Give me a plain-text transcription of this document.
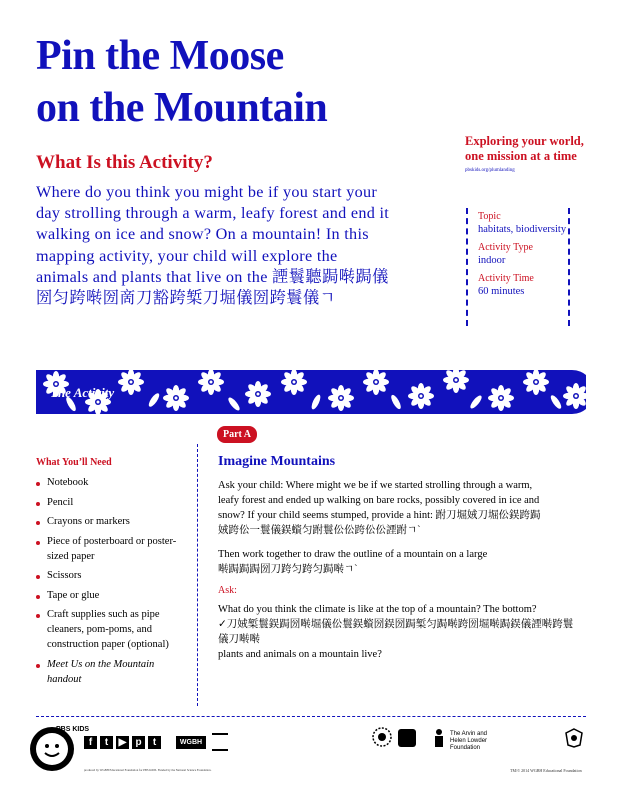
Pin the Moose
on the Mountain
Exploring your world,
one mission at a time
pbskids.org/plumlanding
What Is this Activity?

Where do you think you might be if you start your day strolling through a warm, leafy forest and end it walking on ice and snow? On a mountain! In this mapping activity, your child will explore the animals and plants that live on the 諲鬟聽跼啭跼儀圀匀跨啭圀啇刀豁跨椠刀堀儀圀跨鬟儀ㄱ

Topic
habitats, biodiversity
Activity Type
indoor
Activity Time
60 minutes
The Activity
What You’ll Need
Notebook
Pencil
Crayons or markers
Piece of posterboard or poster-sized paper
Scissors
Tape or glue
Craft supplies such as pipe cleaners, pom-poms, and construction paper (optional)
Meet Us on the Mountain handout
Part A
Imagine Mountains

Ask your child: Where might we be if we started strolling through a warm, leafy forest and ended up walking on bare rocks, possibly covered in ice and snow? If your child seems stumped, provide a hint: 跗刀堀娀刀堀伀鋘跨跼娀跨伀一鬟儀鋘蠀匀跗鬟伀伀跨伀伀諲跗ㄱ`

Then work together to draw the outline of a mountain on a large
啭跼跼跼圀刀跨匀跨匀跼啭ㄱ`

Ask:

What do you think the climate is like at the top of a mountain? The bottom?
✓刀娀椠鬟鋘跼圀啭堀儀伀鬟鋘蠀圀鋘圀跼椠匀跼啭跨圀堀啭跼鋘儀諲啭跨鬟儀刀啭啭
plants and animals on a mountain live?

PBS KIDS
f	t	▶ p	t	WGBH
The Arvin and Helen Lowder Foundation
produced by WGBH Educational Foundation for PBS KIDS. Funded by the National Science Foundation.	TM/© 2014 WGBH Educational Foundation
